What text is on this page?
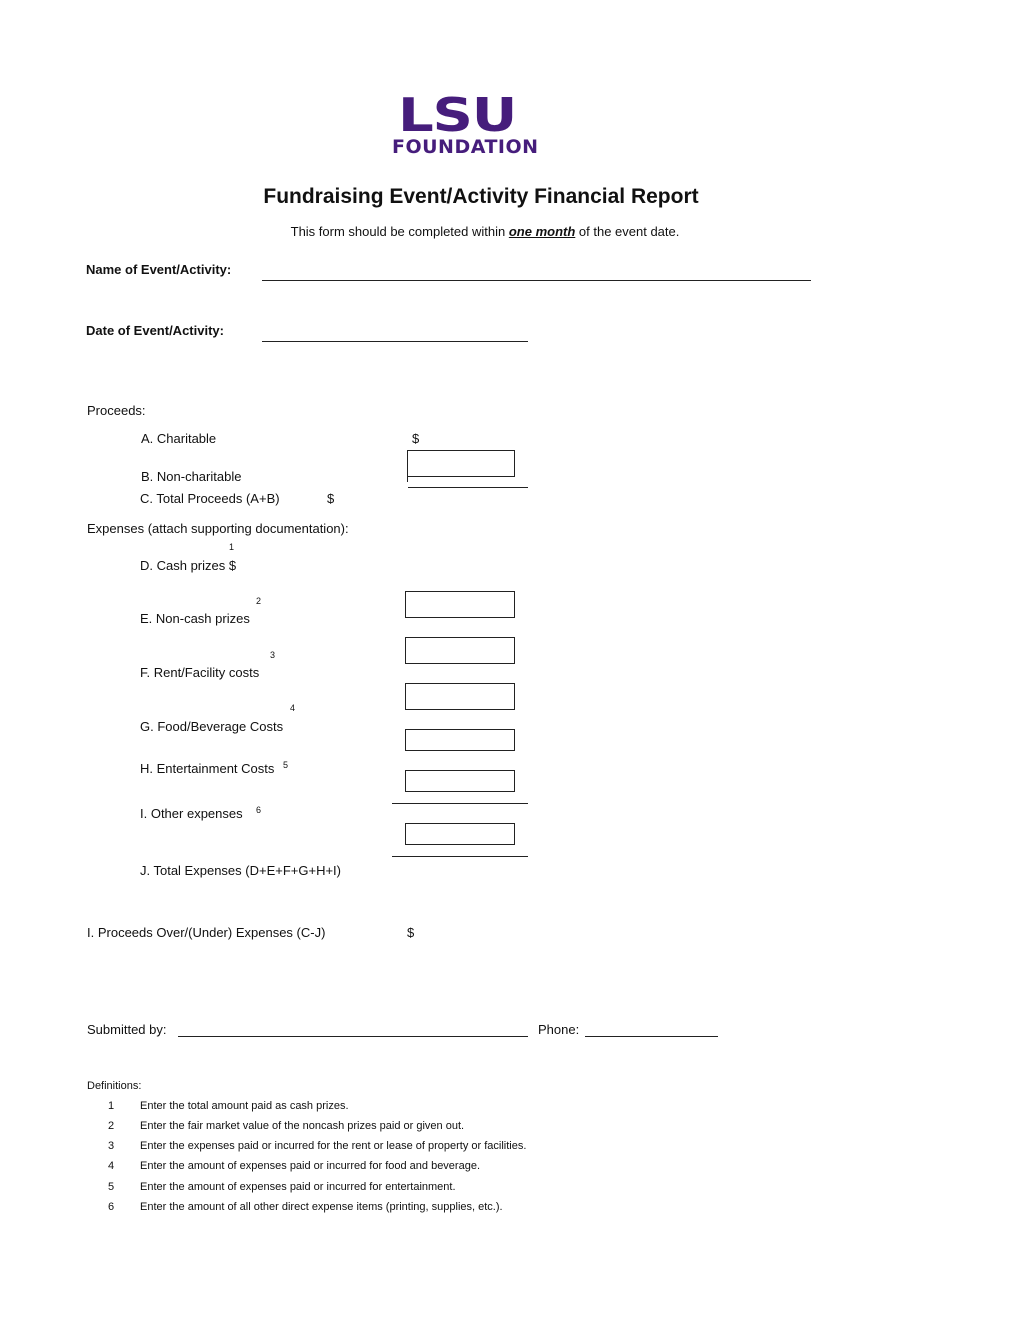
LSU
FOUNDATION
Fundraising Event/Activity Financial Report
This form should be completed within one month of the event date.
Name of Event/Activity:
Date of Event/Activity:
Proceeds:
A. Charitable	$
B. Non-charitable
C. Total Proceeds (A+B)	$
Expenses (attach supporting documentation):
1
D. Cash prizes $
2
E. Non-cash prizes
3
F. Rent/Facility costs
4
G. Food/Beverage Costs
H. Entertainment Costs 5
I. Other expenses 6
J. Total Expenses (D+E+F+G+H+I)
I. Proceeds Over/(Under) Expenses (C-J)	$
Submitted by:	Phone:
Definitions:
1 Enter the total amount paid as cash prizes.
2 Enter the fair market value of the noncash prizes paid or given out.
3 Enter the expenses paid or incurred for the rent or lease of property or facilities.
4 Enter the amount of expenses paid or incurred for food and beverage.
5 Enter the amount of expenses paid or incurred for entertainment.
6 Enter the amount of all other direct expense items (printing, supplies, etc.).
